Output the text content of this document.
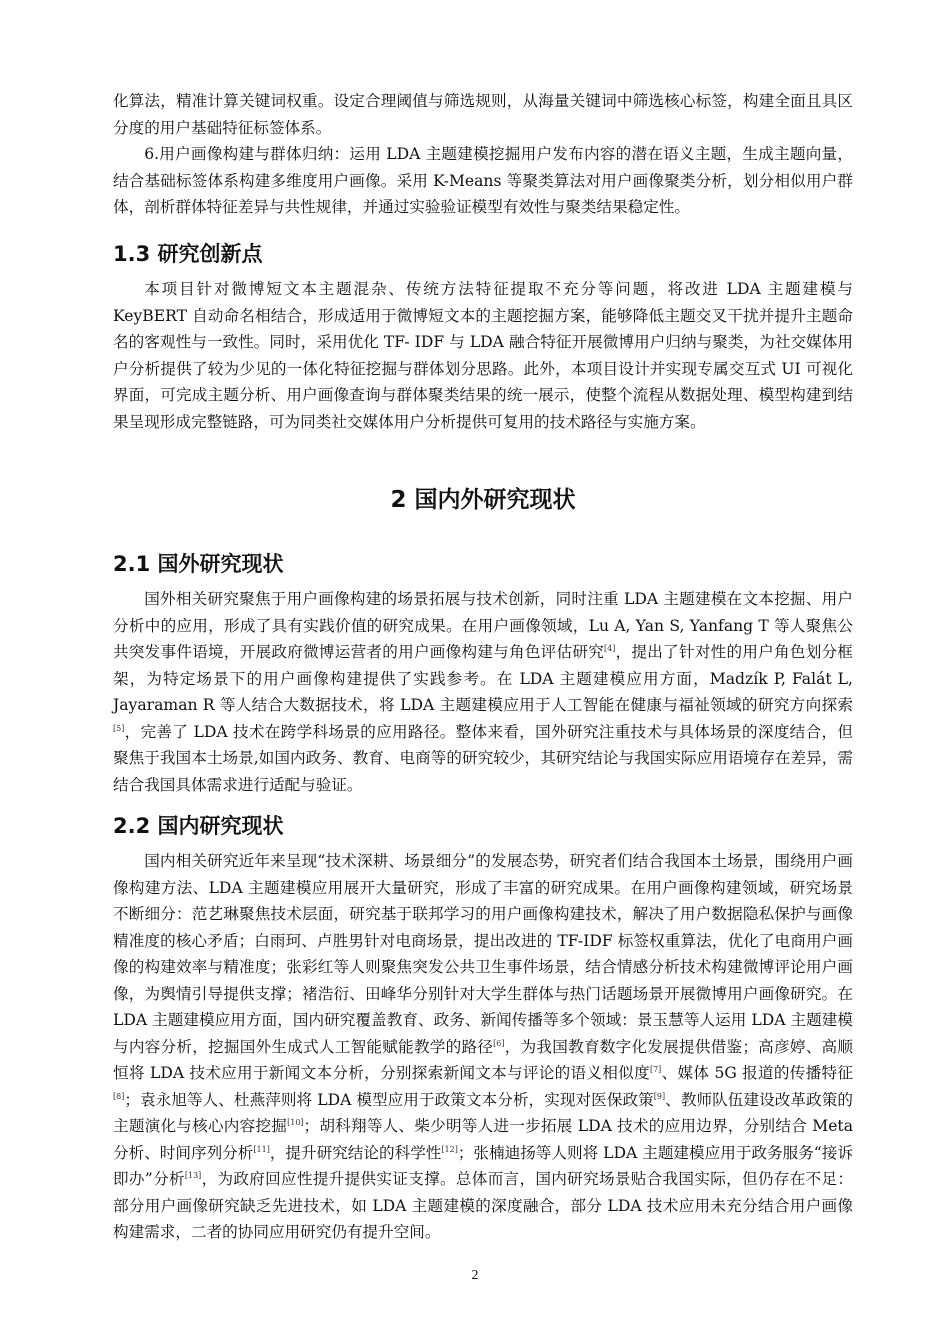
化算法，精准计算关键词权重。设定合理阈值与筛选规则，从海量关键词中筛选核心标签，构建全面且具区分度的用户基础特征标签体系。

6.用户画像构建与群体归纳：运用 LDA 主题建模挖掘用户发布内容的潜在语义主题，生成主题向量，结合基础标签体系构建多维度用户画像。采用 K-Means 等聚类算法对用户画像聚类分析，划分相似用户群体，剖析群体特征差异与共性规律，并通过实验验证模型有效性与聚类结果稳定性。

1.3 研究创新点

本项目针对微博短文本主题混杂、传统方法特征提取不充分等问题，将改进 LDA 主题建模与 KeyBERT 自动命名相结合，形成适用于微博短文本的主题挖掘方案，能够降低主题交叉干扰并提升主题命名的客观性与一致性。同时，采用优化 TF- IDF 与 LDA 融合特征开展微博用户归纳与聚类，为社交媒体用户分析提供了较为少见的一体化特征挖掘与群体划分思路。此外，本项目设计并实现专属交互式 UI 可视化界面，可完成主题分析、用户画像查询与群体聚类结果的统一展示，使整个流程从数据处理、模型构建到结果呈现形成完整链路，可为同类社交媒体用户分析提供可复用的技术路径与实施方案。

2 国内外研究现状
2.1 国外研究现状

国外相关研究聚焦于用户画像构建的场景拓展与技术创新，同时注重 LDA 主题建模在文本挖掘、用户分析中的应用，形成了具有实践价值的研究成果。在用户画像领域，Lu A, Yan S, Yanfang T 等人聚焦公共突发事件语境，开展政府微博运营者的用户画像构建与角色评估研究[4]，提出了针对性的用户角色划分框架，为特定场景下的用户画像构建提供了实践参考。在 LDA 主题建模应用方面，Madzík P, Falát L, Jayaraman R 等人结合大数据技术，将 LDA 主题建模应用于人工智能在健康与福祉领域的研究方向探索[5]，完善了 LDA 技术在跨学科场景的应用路径。整体来看，国外研究注重技术与具体场景的深度结合，但聚焦于我国本土场景,如国内政务、教育、电商等的研究较少，其研究结论与我国实际应用语境存在差异，需结合我国具体需求进行适配与验证。

2.2 国内研究现状

国内相关研究近年来呈现“技术深耕、场景细分”的发展态势，研究者们结合我国本土场景，围绕用户画像构建方法、LDA 主题建模应用展开大量研究，形成了丰富的研究成果。在用户画像构建领域，研究场景不断细分：范艺琳聚焦技术层面，研究基于联邦学习的用户画像构建技术，解决了用户数据隐私保护与画像精准度的核心矛盾；白雨珂、卢胜男针对电商场景，提出改进的 TF-IDF 标签权重算法，优化了电商用户画像的构建效率与精准度；张彩红等人则聚焦突发公共卫生事件场景，结合情感分析技术构建微博评论用户画像，为舆情引导提供支撑；褚浩衍、田峰华分别针对大学生群体与热门话题场景开展微博用户画像研究。在 LDA 主题建模应用方面，国内研究覆盖教育、政务、新闻传播等多个领域：景玉慧等人运用 LDA 主题建模与内容分析，挖掘国外生成式人工智能赋能教学的路径[6]，为我国教育数字化发展提供借鉴；高彦婷、高顺恒将 LDA 技术应用于新闻文本分析，分别探索新闻文本与评论的语义相似度[7]、媒体 5G 报道的传播特征[8]；袁永旭等人、杜燕萍则将 LDA 模型应用于政策文本分析，实现对医保政策[9]、教师队伍建设改革政策的主题演化与核心内容挖掘[10]；胡科翔等人、柴少明等人进一步拓展 LDA 技术的应用边界，分别结合 Meta 分析、时间序列分析[11]，提升研究结论的科学性[12]；张楠迪扬等人则将 LDA 主题建模应用于政务服务“接诉即办”分析[13]，为政府回应性提升提供实证支撑。总体而言，国内研究场景贴合我国实际，但仍存在不足：部分用户画像研究缺乏先进技术，如 LDA 主题建模的深度融合，部分 LDA 技术应用未充分结合用户画像构建需求，二者的协同应用研究仍有提升空间。

2
